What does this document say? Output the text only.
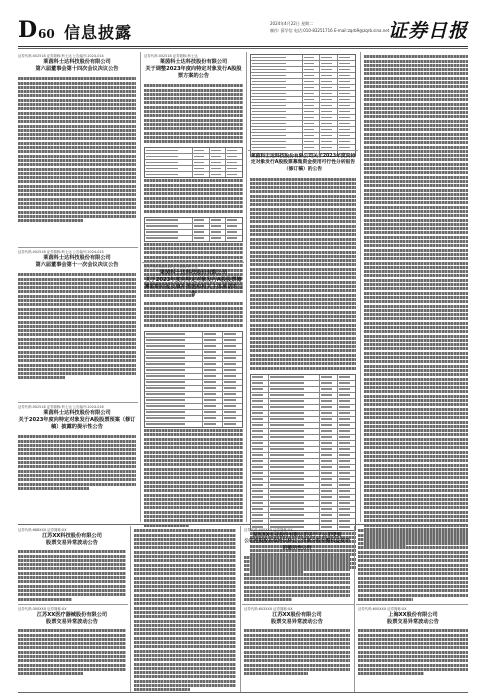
D 60 信息披露	2024年4月22日 星期二
制作: 薛学信 电话:010-83251716 E-mail:zqrb9@zqrb.sina.net
证券日报
证券代码:002518 证券简称:科士达 公告编号:2024-014
莱茵科士达科技股份有限公司
第六届董事会第十四次会议决议公告
证券代码:002518 证券简称:科士达 公告编号:2024-015
莱茵科士达科技股份有限公司
第六届董事会第十一次会议决议公告
证券代码:002518 证券简称:科士达 公告编号:2024-016
莱茵科士达科技股份有限公司
关于2023年度向特定对象发行A股股票预案（修订稿）披露的提示性公告
证券代码:002518 证券简称:科士达
莱茵科士达科技股份有限公司
关于调整2023年度向特定对象发行A股股票方案的公告
证券代码:002518 证券简称:科士达
莱茵科士达科技股份有限公司
关于2023年度向特定对象发行A股股票摊薄即期回报及填补措施和相关主体承诺的公告
莱茵科士达科技股份有限公司关于2023年度向特定对象发行A股股票募集资金使用可行性分析报告（修订稿）的公告
证券代码:688XXX 证券简称:XX
江苏XX科技股份有限公司
股票交易异常波动公告
证券代码:300XXX 证券简称:XX
江苏XX医疗器械股份有限公司
股票交易异常波动公告
证券代码:000XXX 证券简称:XX
深圳XX实业股份有限公司关于子公司受到
公司控股股东拟协议转让公司部分股份暨权益变动的提示性公告
证券代码:603XXX 证券简称:XX
江苏XX股份有限公司
股票交易异常波动公告
证券代码:600XXX 证券简称:XX
上海XX股份有限公司
股票交易异常波动公告
